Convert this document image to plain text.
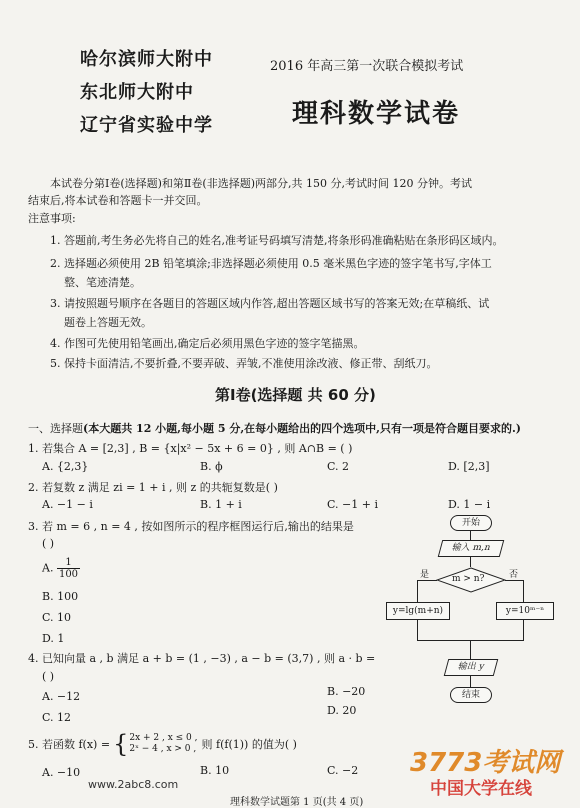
哈尔滨师大附中
东北师大附中
辽宁省实验中学
2016 年高三第一次联合模拟考试
理科数学试卷
本试卷分第Ⅰ卷(选择题)和第Ⅱ卷(非选择题)两部分,共 150 分,考试时间 120 分钟。考试
结束后,将本试卷和答题卡一并交回。
注意事项:
1. 答题前,考生务必先将自己的姓名,准考证号码填写清楚,将条形码准确粘贴在条形码区域内。
2. 选择题必须使用 2B 铅笔填涂;非选择题必须使用 0.5 毫米黑色字迹的签字笔书写,字体工
整、笔迹清楚。
3. 请按照题号顺序在各题目的答题区域内作答,超出答题区域书写的答案无效;在草稿纸、试
题卷上答题无效。
4. 作图可先使用铅笔画出,确定后必须用黑色字迹的签字笔描黑。
5. 保持卡面清洁,不要折叠,不要弄破、弄皱,不准使用涂改液、修正带、刮纸刀。
第Ⅰ卷(选择题 共 60 分)
一、选择题(本大题共 12 小题,每小题 5 分,在每小题给出的四个选项中,只有一项是符合题目要求的.)
1. 若集合 A = [2,3] , B = {x|x² − 5x + 6 = 0} , 则 A∩B = ( )
A. {2,3}	B. ϕ	C. 2	D. [2,3]
2. 若复数 z 满足 zi = 1 + i , 则 z 的共轭复数是( )
A. −1 − i	B. 1 + i	C. −1 + i	D. 1 − i
3. 若 m = 6 , n = 4 , 按如图所示的程序框图运行后,输出的结果是
( )
A. $\frac{1}{100}$
B. 100
C. 10
D. 1
开始
输入 m,n
m > n?
是	否
y=lg(m+n)	y=10ᵐ⁻ⁿ
输出 y
结束
4. 已知向量 a , b 满足 a + b = (1 , −3) , a − b = (3,7) , 则 a · b =
( )
A. −12	B. −20
C. 12
D. 20
5. 若函数 f(x) = { 2x + 2 , x ≤ 0 ,
2ˣ − 4 , x > 0 , 则 f(f(1)) 的值为( )
A. −10	B. 10	C. −2
www.2abc8.com
3773考试网
中国大学在线
理科数学试题第 1 页(共 4 页)
